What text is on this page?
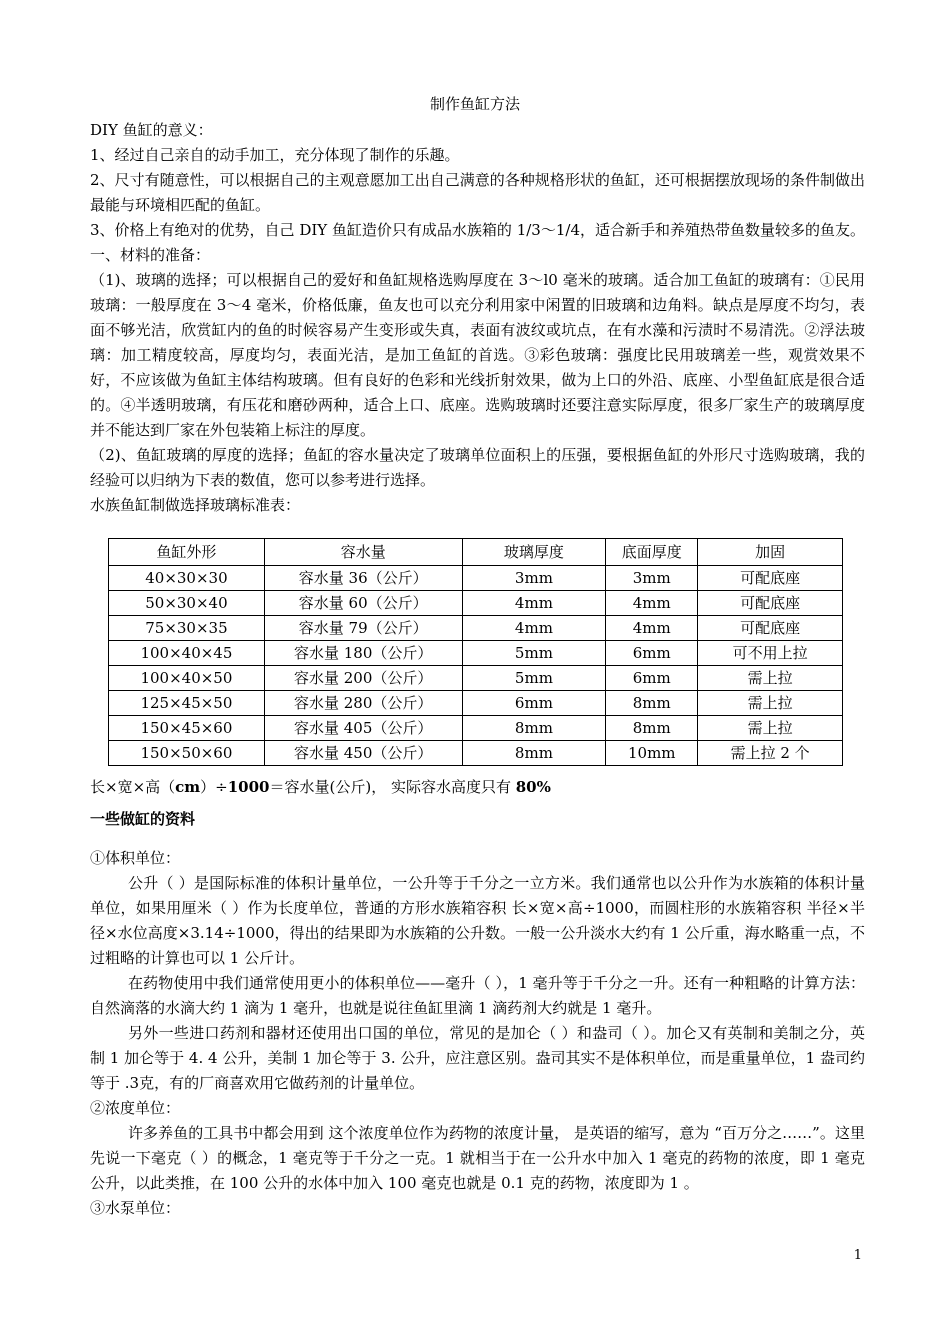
制作鱼缸方法

DIY 鱼缸的意义：

1、经过自己亲自的动手加工，充分体现了制作的乐趣。

2、尺寸有随意性，可以根据自己的主观意愿加工出自己满意的各种规格形状的鱼缸，还可根据摆放现场的条件制做出最能与环境相匹配的鱼缸。

3、价格上有绝对的优势，自己 DIY 鱼缸造价只有成品水族箱的 1/3～1/4，适合新手和养殖热带鱼数量较多的鱼友。

一、材料的准备：

（1)、玻璃的选择；可以根据自己的爱好和鱼缸规格选购厚度在 3～l0 毫米的玻璃。适合加工鱼缸的玻璃有：①民用玻璃：一般厚度在 3～4 毫米，价格低廉，鱼友也可以充分利用家中闲置的旧玻璃和边角料。缺点是厚度不均匀，表面不够光洁，欣赏缸内的鱼的时候容易产生变形或失真，表面有波纹或坑点，在有水藻和污渍时不易清洗。②浮法玻璃：加工精度较高，厚度均匀，表面光洁，是加工鱼缸的首选。③彩色玻璃：强度比民用玻璃差一些，观赏效果不好，不应该做为鱼缸主体结构玻璃。但有良好的色彩和光线折射效果，做为上口的外沿、底座、小型鱼缸底是很合适的。④半透明玻璃，有压花和磨砂两种，适合上口、底座。选购玻璃时还要注意实际厚度，很多厂家生产的玻璃厚度并不能达到厂家在外包装箱上标注的厚度。

（2)、鱼缸玻璃的厚度的选择；鱼缸的容水量决定了玻璃单位面积上的压强，要根据鱼缸的外形尺寸选购玻璃，我的经验可以归纳为下表的数值，您可以参考进行选择。

水族鱼缸制做选择玻璃标准表：

鱼缸外形	容水量	玻璃厚度	底面厚度	加固
40×30×30	容水量 36（公斤）	3mm	3mm	可配底座
50×30×40	容水量 60（公斤）	4mm	4mm	可配底座
75×30×35	容水量 79（公斤）	4mm	4mm	可配底座
100×40×45	容水量 180（公斤）	5mm	6mm	可不用上拉
100×40×50	容水量 200（公斤）	5mm	6mm	需上拉
125×45×50	容水量 280（公斤）	6mm	8mm	需上拉
150×45×60	容水量 405（公斤）	8mm	8mm	需上拉
150×50×60	容水量 450（公斤）	8mm	10mm	需上拉 2 个
长×宽×高（cm）÷1000＝容水量(公斤)， 实际容水高度只有 80%
一些做缸的资料

①体积单位：

公升（ ）是国际标准的体积计量单位，一公升等于千分之一立方米。我们通常也以公升作为水族箱的体积计量单位，如果用厘米（ ）作为长度单位，普通的方形水族箱容积 长×宽×高÷1000，而圆柱形的水族箱容积 半径×半径×水位高度×3.14÷1000，得出的结果即为水族箱的公升数。一般一公升淡水大约有 1 公斤重，海水略重一点，不过粗略的计算也可以 1 公斤计。

在药物使用中我们通常使用更小的体积单位——毫升（ ），1 毫升等于千分之一升。还有一种粗略的计算方法：自然滴落的水滴大约 1 滴为 1 毫升，也就是说往鱼缸里滴 1 滴药剂大约就是 1 毫升。

另外一些进口药剂和器材还使用出口国的单位，常见的是加仑（ ）和盎司（ ）。加仑又有英制和美制之分，英制 1 加仑等于 4. 4 公升，美制 1 加仑等于 3. 公升，应注意区别。盎司其实不是体积单位，而是重量单位，1 盎司约等于 .3克，有的厂商喜欢用它做药剂的计量单位。

②浓度单位：

许多养鱼的工具书中都会用到 这个浓度单位作为药物的浓度计量， 是英语的缩写，意为 “百万分之……”。这里先说一下毫克（ ）的概念，1 毫克等于千分之一克。1 就相当于在一公升水中加入 1 毫克的药物的浓度，即 1 毫克 公升，以此类推，在 100 公升的水体中加入 100 毫克也就是 0.1 克的药物，浓度即为 1 。

③水泵单位：

1
